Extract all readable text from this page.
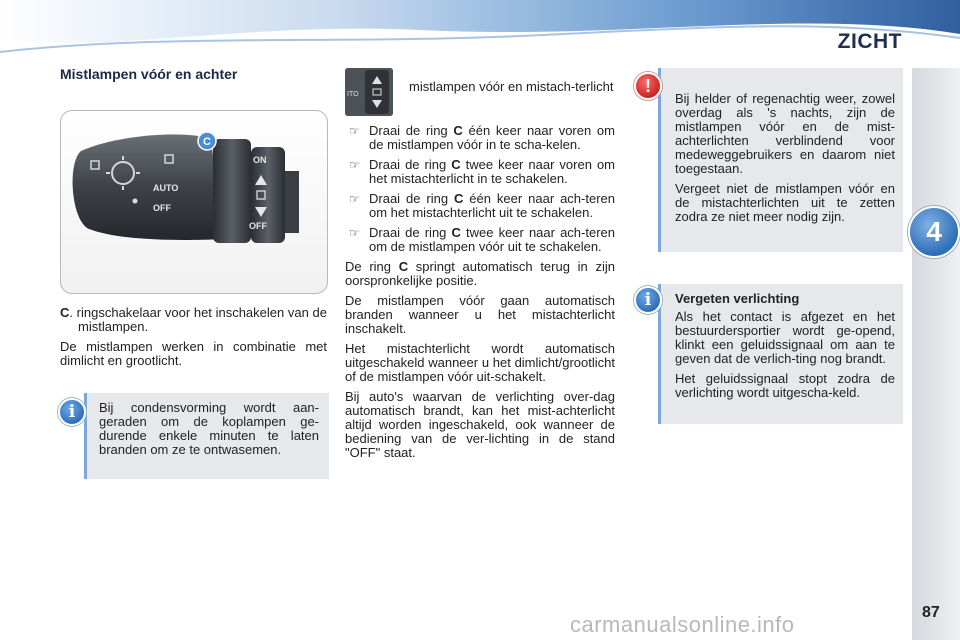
ZICHT
4
87
Mistlampen vóór en achter
AUTO
OFF
ON
OFF
C

C. ringschakelaar voor het inschakelen van de mistlampen.

De mistlampen werken in combinatie met dimlicht en grootlicht.

Bij condensvorming wordt aan-geraden om de koplampen ge-durende enkele minuten te laten branden om ze te ontwasemen.
i
ITO
mistlampen vóór en mistach-terlicht
☞ Draai de ring C één keer naar voren om de mistlampen vóór in te scha-kelen.
☞ Draai de ring C twee keer naar voren om het mistachterlicht in te schakelen.
☞ Draai de ring C één keer naar ach-teren om het mistachterlicht uit te schakelen.
☞ Draai de ring C twee keer naar ach-teren om de mistlampen vóór uit te schakelen.

De ring C springt automatisch terug in zijn oorspronkelijke positie.

De mistlampen vóór gaan automatisch branden wanneer u het mistachterlicht inschakelt.

Het mistachterlicht wordt automatisch uitgeschakeld wanneer u het dimlicht/grootlicht of de mistlampen vóór uit-schakelt.

Bij auto's waarvan de verlichting over-dag automatisch brandt, kan het mist-achterlicht altijd worden ingeschakeld, ook wanneer de bediening van de ver-lichting in de stand "OFF" staat.

Bij helder of regenachtig weer, zowel overdag als 's nachts, zijn de mistlampen vóór en de mist-achterlichten verblindend voor medeweggebruikers en daarom niet toegestaan.

Vergeet niet de mistlampen vóór en de mistachterlichten uit te zetten zodra ze niet meer nodig zijn.

!
Vergeten verlichting

Als het contact is afgezet en het bestuurdersportier wordt ge-opend, klinkt een geluidssignaal om aan te geven dat de verlich-ting nog brandt.

Het geluidssignaal stopt zodra de verlichting wordt uitgescha-keld.

i
carmanualsonline.info
